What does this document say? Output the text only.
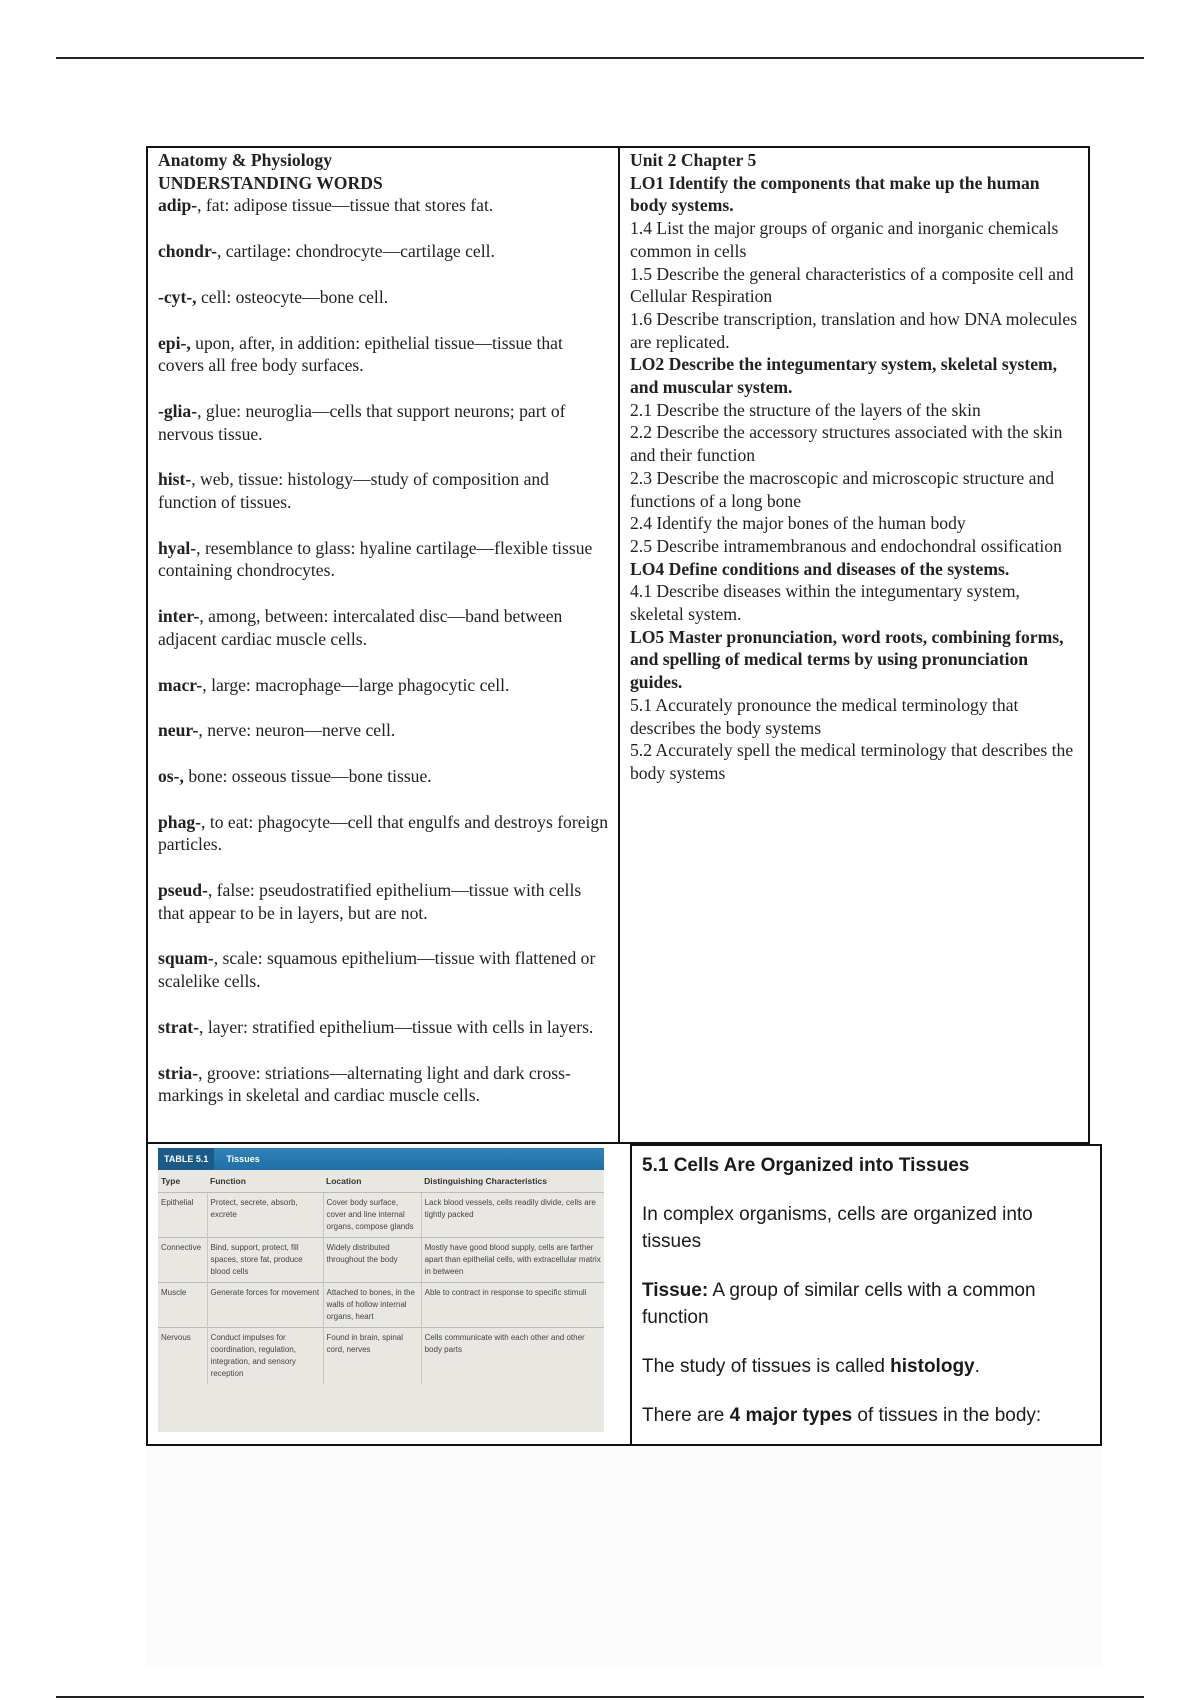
Anatomy & Physiology
UNDERSTANDING WORDS
adip-, fat: adipose tissue—tissue that stores fat.
chondr-, cartilage: chondrocyte—cartilage cell.
-cyt-, cell: osteocyte—bone cell.
epi-, upon, after, in addition: epithelial tissue—tissue that covers all free body surfaces.
-glia-, glue: neuroglia—cells that support neurons; part of nervous tissue.
hist-, web, tissue: histology—study of composition and function of tissues.
hyal-, resemblance to glass: hyaline cartilage—flexible tissue containing chondrocytes.
inter-, among, between: intercalated disc—band between adjacent cardiac muscle cells.
macr-, large: macrophage—large phagocytic cell.
neur-, nerve: neuron—nerve cell.
os-, bone: osseous tissue—bone tissue.
phag-, to eat: phagocyte—cell that engulfs and destroys foreign particles.
pseud-, false: pseudostratified epithelium—tissue with cells that appear to be in layers, but are not.
squam-, scale: squamous epithelium—tissue with flattened or scalelike cells.
strat-, layer: stratified epithelium—tissue with cells in layers.
stria-, groove: striations—alternating light and dark cross-markings in skeletal and cardiac muscle cells.
Unit 2 Chapter 5
LO1 Identify the components that make up the human body systems.
1.4 List the major groups of organic and inorganic chemicals common in cells
1.5 Describe the general characteristics of a composite cell and Cellular Respiration
1.6 Describe transcription, translation and how DNA molecules are replicated.
LO2 Describe the integumentary system, skeletal system, and muscular system.
2.1 Describe the structure of the layers of the skin
2.2 Describe the accessory structures associated with the skin and their function
2.3 Describe the macroscopic and microscopic structure and functions of a long bone
2.4 Identify the major bones of the human body
2.5 Describe intramembranous and endochondral ossification
LO4 Define conditions and diseases of the systems.
4.1 Describe diseases within the integumentary system, skeletal system.
LO5 Master pronunciation, word roots, combining forms, and spelling of medical terms by using pronunciation guides.
5.1 Accurately pronounce the medical terminology that describes the body systems
5.2 Accurately spell the medical terminology that describes the body systems
TABLE 5.1	Tissues
Type	Function	Location	Distinguishing Characteristics
Epithelial	Protect, secrete, absorb, excrete	Cover body surface, cover and line internal organs, compose glands	Lack blood vessels, cells readily divide, cells are tightly packed
Connective	Bind, support, protect, fill spaces, store fat, produce blood cells	Widely distributed throughout the body	Mostly have good blood supply, cells are farther apart than epithelial cells, with extracellular matrix in between
Muscle	Generate forces for movement	Attached to bones, in the walls of hollow internal organs, heart	Able to contract in response to specific stimuli
Nervous	Conduct impulses for coordination, regulation, integration, and sensory reception	Found in brain, spinal cord, nerves	Cells communicate with each other and other body parts
5.1 Cells Are Organized into Tissues

In complex organisms, cells are organized into tissues

Tissue: A group of similar cells with a common function

The study of tissues is called histology.

There are 4 major types of tissues in the body:
